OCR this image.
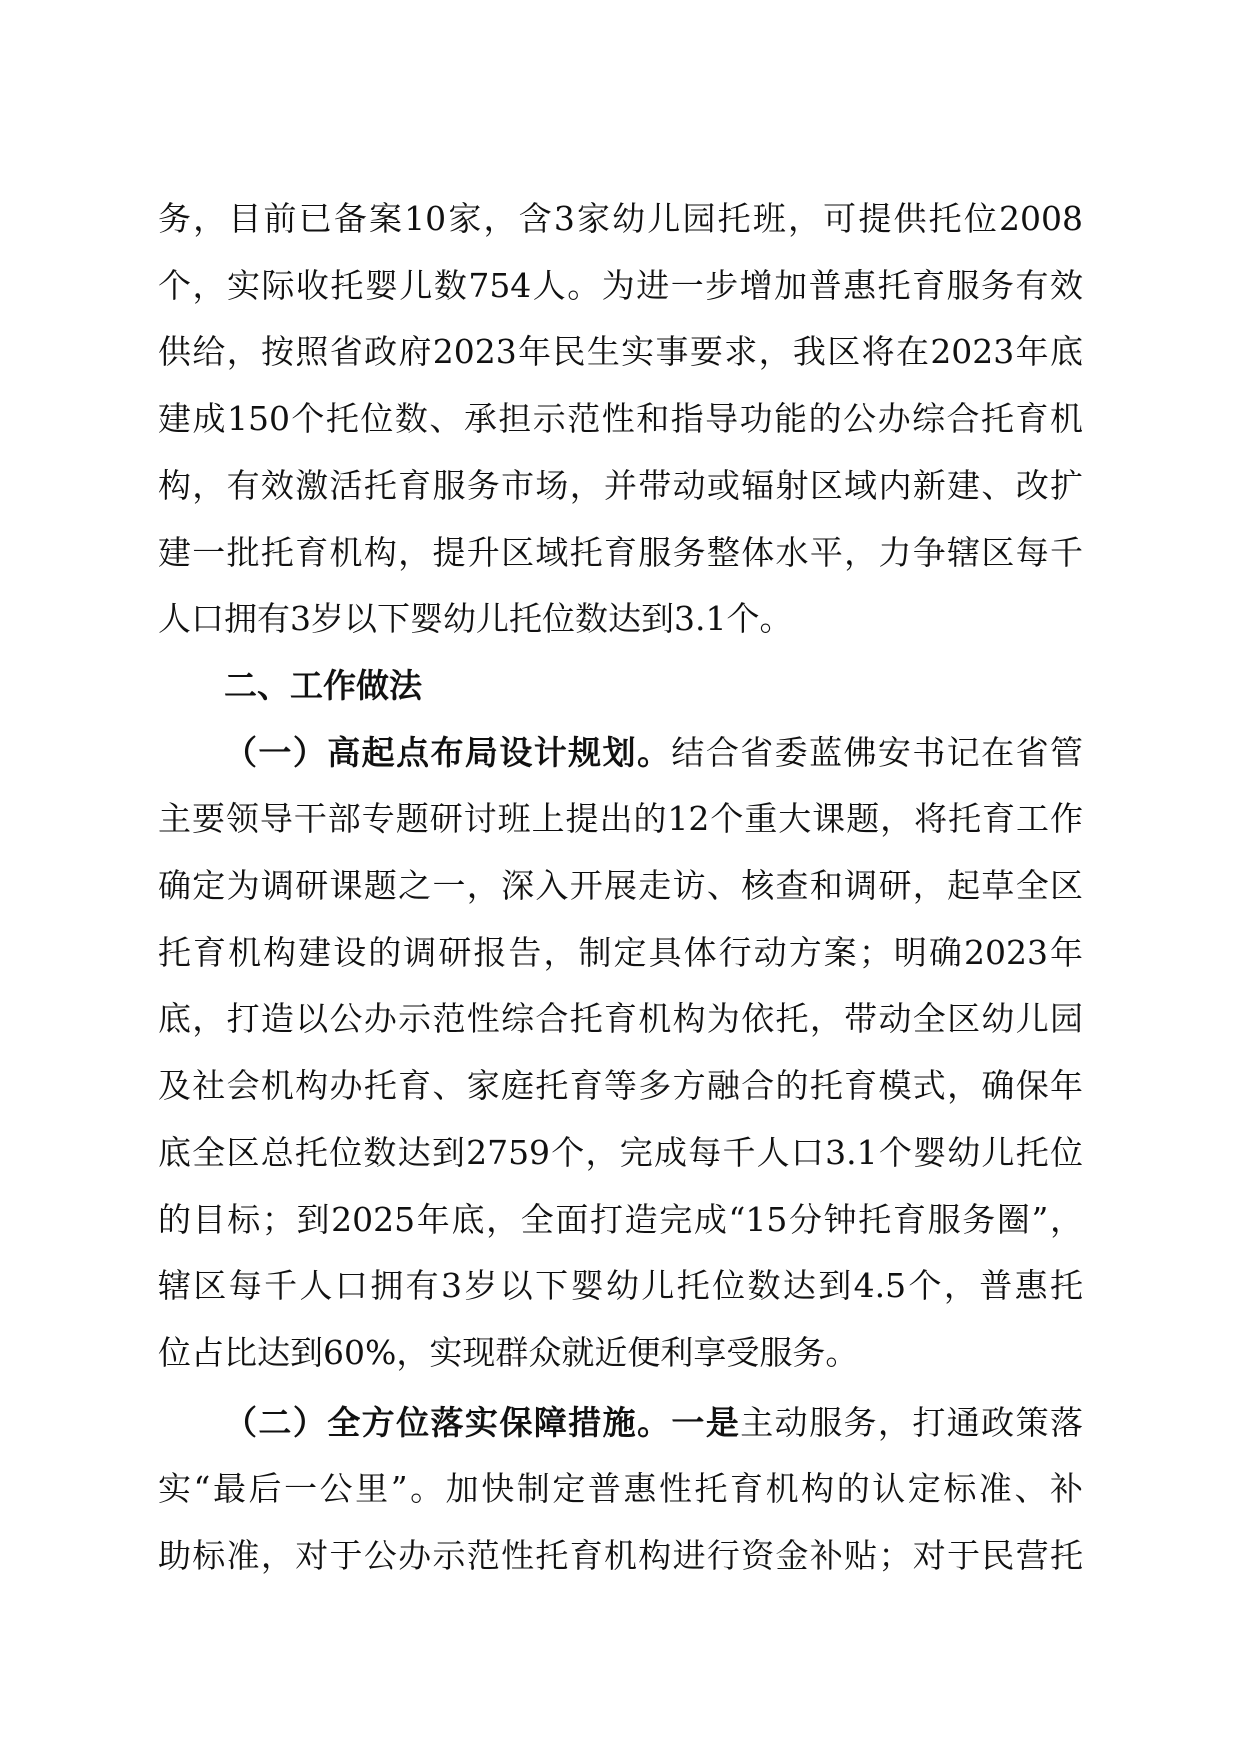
务，目前已备案10家，含3家幼儿园托班，可提供托位2008
个，实际收托婴儿数754人。为进一步增加普惠托育服务有效
供给，按照省政府2023年民生实事要求，我区将在2023年底
建成150个托位数、承担示范性和指导功能的公办综合托育机
构，有效激活托育服务市场，并带动或辐射区域内新建、改扩
建一批托育机构，提升区域托育服务整体水平，力争辖区每千
人口拥有3岁以下婴幼儿托位数达到3.1个。

二、工作做法

（一）高起点布局设计规划。结合省委蓝佛安书记在省管
主要领导干部专题研讨班上提出的12个重大课题，将托育工作
确定为调研课题之一，深入开展走访、核查和调研，起草全区
托育机构建设的调研报告，制定具体行动方案；明确2023年
底，打造以公办示范性综合托育机构为依托，带动全区幼儿园
及社会机构办托育、家庭托育等多方融合的托育模式，确保年
底全区总托位数达到2759个，完成每千人口3.1个婴幼儿托位
的目标；到2025年底，全面打造完成“15分钟托育服务圈”，
辖区每千人口拥有3岁以下婴幼儿托位数达到4.5个，普惠托
位占比达到60%，实现群众就近便利享受服务。

（二）全方位落实保障措施。一是主动服务，打通政策落
实“最后一公里”。加快制定普惠性托育机构的认定标准、补
助标准，对于公办示范性托育机构进行资金补贴；对于民营托
